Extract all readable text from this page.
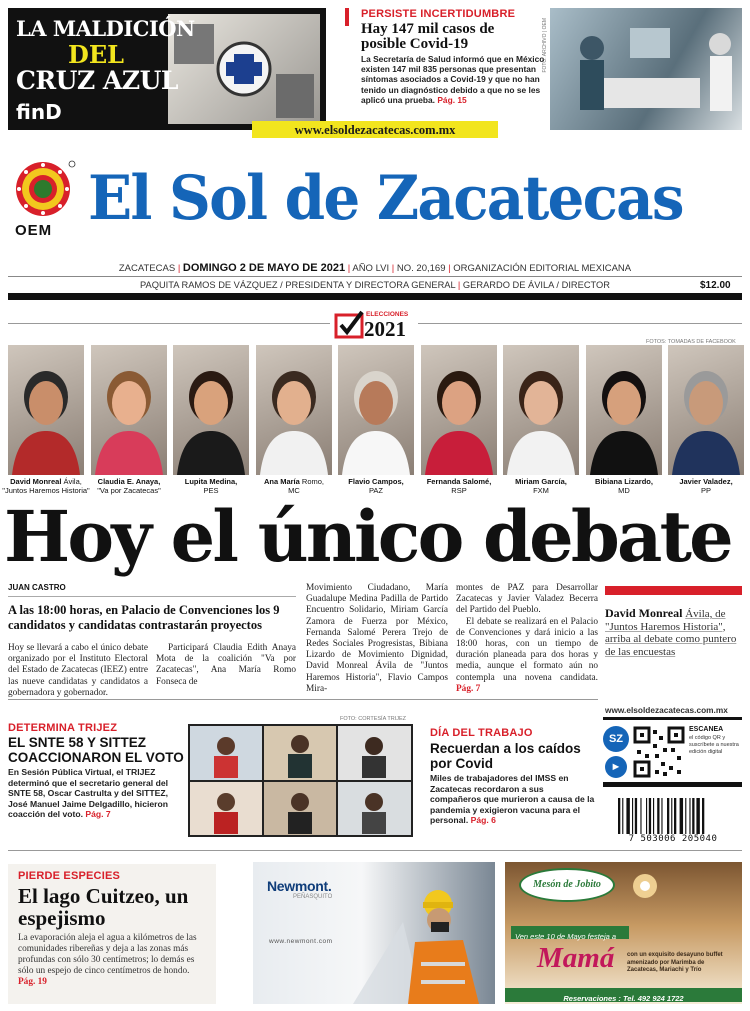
LA MALDICIÓN
DEL
CRUZ AZUL
finD
PERSISTE INCERTIDUMBRE
Hay 147 mil casos de posible Covid-19
La Secretaría de Salud informó que en México existen 147 mil 835 personas que presentan síntomas asociados a Covid-19 y que no han tenido un diagnóstico debido a que no se les aplicó una prueba. Pág. 15
FOTO: ARCHIVO | OEM
www.elsoldezacatecas.com.mx
OEM El Sol de Zacatecas
ZACATECAS | DOMINGO 2 DE MAYO DE 2021 | AÑO LVI | NO. 20,169 | ORGANIZACIÓN EDITORIAL MEXICANA
PAQUITA RAMOS DE VÁZQUEZ / PRESIDENTA Y DIRECTORA GENERAL | GERARDO DE ÁVILA / DIRECTOR	$12.00
ELECCIONES
2021
FOTOS: TOMADAS DE FACEBOOK
David Monreal Ávila,
"Juntos Haremos Historia"
Claudia E. Anaya,
"Va por Zacatecas"
Lupita Medina,
PES
Ana María Romo,
MC
Flavio Campos,
PAZ
Fernanda Salomé,
RSP
Miriam García,
FXM
Bibiana Lizardo,
MD
Javier Valadez,
PP
Hoy el único debate
JUAN CASTRO
A las 18:00 horas, en Palacio de Convenciones los 9 candidatos y candidatas contrastarán proyectos

Hoy se llevará a cabo el único debate organizado por el Instituto Electoral del Estado de Zacatecas (IEEZ) entre las nueve candidatas y candidatos a gobernadora y gobernador.

Participará Claudia Edith Anaya Mota de la coalición "Va por Zacatecas", Ana María Romo Fonseca de

Movimiento Ciudadano, María Guadalupe Medina Padilla de Partido Encuentro Solidario, Miriam García Zamora de Fuerza por México, Fernanda Salomé Perera Trejo de Redes Sociales Progresistas, Bibiana Lizardo de Movimiento Dignidad, David Monreal Ávila de "Juntos Haremos Historia", Flavio Campos Mira-

montes de PAZ para Desarrollar Zacatecas y Javier Valadez Becerra del Partido del Pueblo.

El debate se realizará en el Palacio de Convenciones y dará inicio a las 18:00 horas, con un tiempo de duración planeada para dos horas y media, aunque el formato aún no contempla una novena candidata. Pág. 7

David Monreal Ávila, de "Juntos Haremos Historia", arriba al debate como puntero de las encuestas
DETERMINA TRIJEZ
EL SNTE 58 Y SITTEZ COACCIONARON EL VOTO
En Sesión Pública Virtual, el TRIJEZ determinó que el secretario general del SNTE 58, Oscar Castrulta y del SITTEZ, José Manuel Jaime Delgadillo, hicieron coacción del voto. Pág. 7
FOTO: CORTESÍA TRIJEZ
DÍA DEL TRABAJO
Recuerdan a los caídos por Covid
Miles de trabajadores del IMSS en Zacatecas recordaron a sus compañeros que murieron a causa de la pandemia y exigieron vacuna para el personal. Pág. 6
www.elsoldezacatecas.com.mx
SZ
►
ESCANEA
el código QR y suscríbete a nuestra edición digital
7 503006 205040
PIERDE ESPECIES
El lago Cuitzeo, un espejismo
La evaporación aleja el agua a kilómetros de las comunidades ribereñas y deja a las zonas más profundas con sólo 30 centímetros; lo demás es sólo un espejo de cinco centímetros de hondo. Pág. 19
Newmont.
PEÑASQUITO
www.newmont.com
Mesón de Jobito
Ven este 10 de Mayo festeja a
Mamá con un exquisito desayuno buffet amenizado por Marimba de Zacatecas, Mariachi y Trío
Reservaciones : Tel. 492 924 1722
